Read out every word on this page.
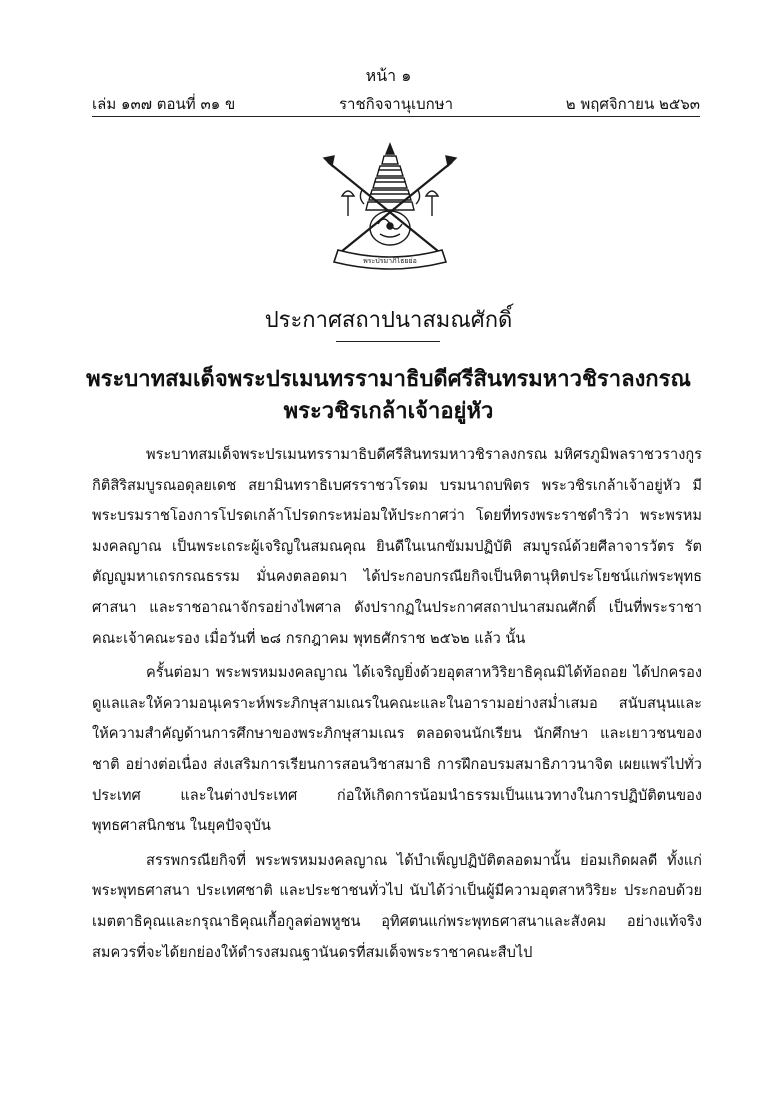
หน้า ๑
เล่ม ๑๓๗ ตอนที่ ๓๑ ข	ราชกิจจานุเบกษา	๒ พฤศจิกายน ๒๕๖๓
พระปรมาภิไธยย่อ
ประกาศสถาปนาสมณศักดิ์
พระบาทสมเด็จพระปรเมนทรรามาธิบดีศรีสินทรมหาวชิราลงกรณ
พระวชิรเกล้าเจ้าอยู่หัว

พระบาทสมเด็จพระปรเมนทรรามาธิบดีศรีสินทรมหาวชิราลงกรณ มหิศรภูมิพลราชวรางกูร กิติสิริสมบูรณอดุลยเดช สยามินทราธิเบศรราชวโรดม บรมนาถบพิตร พระวชิรเกล้าเจ้าอยู่หัว มีพระบรมราชโองการโปรดเกล้าโปรดกระหม่อมให้ประกาศว่า โดยที่ทรงพระราชดำริว่า พระพรหมมงคลญาณ เป็นพระเถระผู้เจริญในสมณคุณ ยินดีในเนกขัมมปฏิบัติ สมบูรณ์ด้วยศีลาจารวัตร รัตตัญญูมหาเถรกรณธรรม มั่นคงตลอดมา ได้ประกอบกรณียกิจเป็นหิตานุหิตประโยชน์แก่พระพุทธศาสนา และราชอาณาจักรอย่างไพศาล ดังปรากฏในประกาศสถาปนาสมณศักดิ์ เป็นที่พระราชาคณะเจ้าคณะรอง เมื่อวันที่ ๒๘ กรกฎาคม พุทธศักราช ๒๕๖๒ แล้ว นั้น

ครั้นต่อมา พระพรหมมงคลญาณ ได้เจริญยิ่งด้วยอุตสาหวิริยาธิคุณมิได้ท้อถอย ได้ปกครอง ดูแลและให้ความอนุเคราะห์พระภิกษุสามเณรในคณะและในอารามอย่างสม่ำเสมอ สนับสนุนและ ให้ความสำคัญด้านการศึกษาของพระภิกษุสามเณร ตลอดจนนักเรียน นักศึกษา และเยาวชนของชาติ อย่างต่อเนื่อง ส่งเสริมการเรียนการสอนวิชาสมาธิ การฝึกอบรมสมาธิภาวนาจิต เผยแพร่ไปทั่วประเทศ และในต่างประเทศ ก่อให้เกิดการน้อมนำธรรมเป็นแนวทางในการปฏิบัติตนของพุทธศาสนิกชน ในยุคปัจจุบัน

สรรพกรณียกิจที่ พระพรหมมงคลญาณ ได้บำเพ็ญปฏิบัติตลอดมานั้น ย่อมเกิดผลดี ทั้งแก่พระพุทธศาสนา ประเทศชาติ และประชาชนทั่วไป นับได้ว่าเป็นผู้มีความอุตสาหวิริยะ ประกอบด้วยเมตตาธิคุณและกรุณาธิคุณเกื้อกูลต่อพหูชน อุทิศตนแก่พระพุทธศาสนาและสังคม อย่างแท้จริง สมควรที่จะได้ยกย่องให้ดำรงสมณฐานันดรที่สมเด็จพระราชาคณะสืบไป
